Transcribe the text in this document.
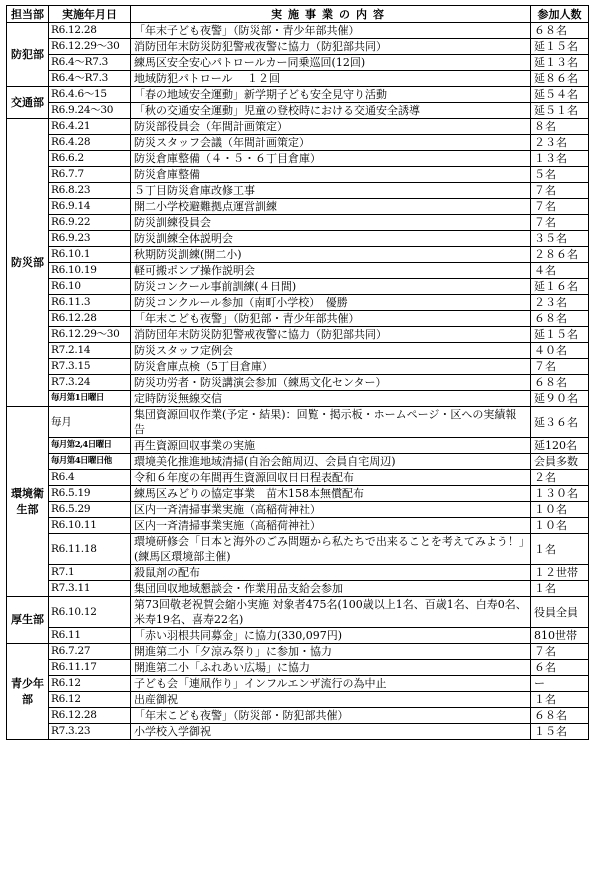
担当部	実施年月日	実施事業の内容	参加人数
防犯部	R6.12.28	「年末子ども夜警」（防災部・青少年部共催）	６８名
	R6.12.29～30	消防団年末防災防犯警戒夜警に協力（防犯部共同）	延１５名
	R6.4～R7.3	練馬区安全安心パトロールカー同乗巡回(12回)	延１３名
	R6.4～R7.3	地域防犯パトロール　 １２回	延８６名
交通部	R6.4.6～15	「春の地域安全運動」新学期子ども安全見守り活動	延５４名
	R6.9.24～30	「秋の交通安全運動」児童の登校時における交通安全誘導	延５１名
防災部	R6.4.21	防災部役員会（年間計画策定）	８名
	R6.4.28	防災スタッフ会議（年間計画策定）	２３名
	R6.6.2	防災倉庫整備（４・５・６丁目倉庫）	１３名
	R6.7.7	防災倉庫整備	５名
	R6.8.23	５丁目防災倉庫改修工事	７名
	R6.9.14	開二小学校避難拠点運営訓練	７名
	R6.9.22	防災訓練役員会	７名
	R6.9.23	防災訓練全体説明会	３５名
	R6.10.1	秋期防災訓練(開二小)	２８６名
	R6.10.19	軽可搬ポンプ操作説明会	４名
	R6.10	防災コンクール事前訓練(４日間)	延１６名
	R6.11.3	防災コンクルール参加（南町小学校）　優勝	２３名
	R6.12.28	「年末こども夜警」（防犯部・青少年部共催）	６８名
	R6.12.29～30	消防団年末防災防犯警戒夜警に協力（防犯部共同）	延１５名
	R7.2.14	防災スタッフ定例会	４０名
	R7.3.15	防災倉庫点検（5丁目倉庫）	７名
	R7.3.24	防災功労者・防災講演会参加（練馬文化センター）	６８名
	毎月第1日曜日	定時防災無線交信	延９０名
環境衛生部	毎月	集団資源回収作業(予定・結果)：回覧・掲示板・ホームページ・区への実績報告	延３６名
	毎月第2,4日曜日	再生資源回収事業の実施	延120名
	毎月第4日曜日他	環境美化推進地域清掃(自治会館周辺、会員自宅周辺)	会員多数
	R6.4	令和６年度の年間再生資源回収日日程表配布	２名
	R6.5.19	練馬区みどりの協定事業　苗木158本無償配布	１３０名
	R6.5.29	区内一斉清掃事業実施（高稲荷神社）	１０名
	R6.10.11	区内一斉清掃事業実施（高稲荷神社）	１０名
	R6.11.18	環境研修会「日本と海外のごみ問題から私たちで出来ることを考えてみよう！」(練馬区環境部主催)	１名
	R7.1	殺鼠剤の配布	１２世帯
	R7.3.11	集団回収地域懇談会・作業用品支給会参加	１名
厚生部	R6.10.12	第73回敬老祝賀会縮小実施 対象者475名(100歳以上1名、百歳1名、白寿0名、米寿19名、喜寿22名)	役員全員
	R6.11	「赤い羽根共同募金」に協力(330,097円)	810世帯
青少年部	R6.7.27	開進第二小「夕涼み祭り」に参加・協力	７名
	R6.11.17	開進第二小「ふれあい広場」に協力	６名
	R6.12	子ども会「連凧作り」インフルエンザ流行の為中止	ー
	R6.12	出産御祝	１名
	R6.12.28	「年末こども夜警」（防災部・防犯部共催）	６８名
	R7.3.23	小学校入学御祝	１５名
